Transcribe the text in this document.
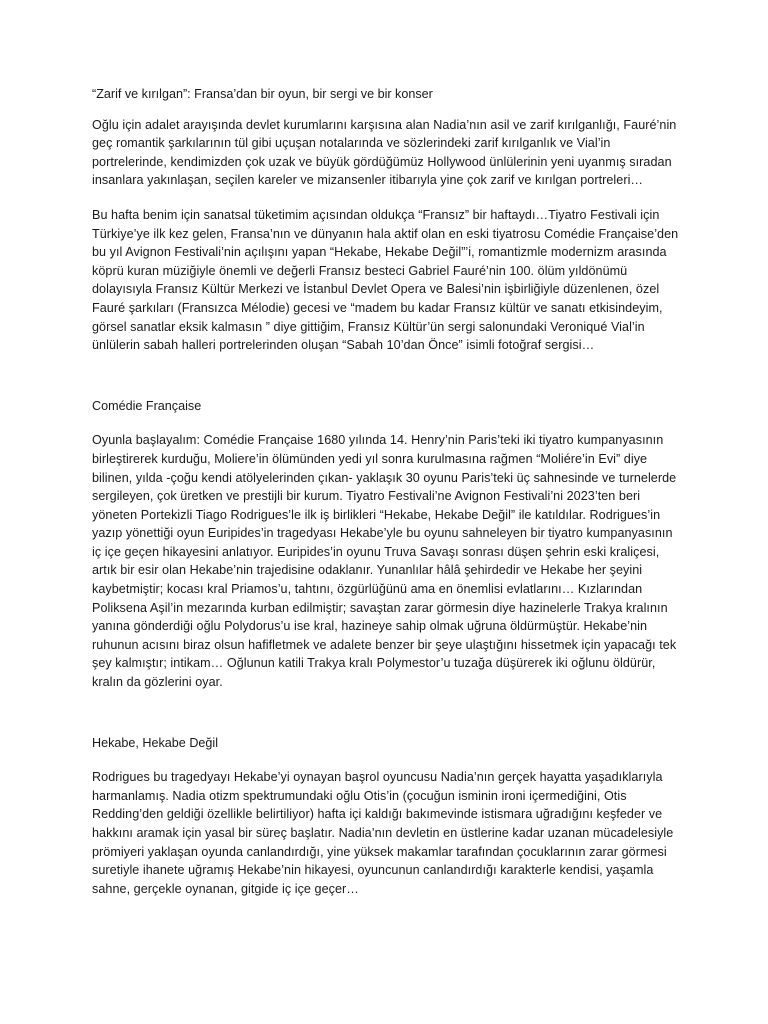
“Zarif ve kırılgan”: Fransa’dan bir oyun, bir sergi ve bir konser

Oğlu için adalet arayışında devlet kurumlarını karşısına alan Nadia’nın asil ve zarif kırılganlığı, Fauré’nin geç romantik şarkılarının tül gibi uçuşan notalarında ve sözlerindeki zarif kırılganlık ve Vial’in portrelerinde, kendimizden çok uzak ve büyük gördüğümüz Hollywood ünlülerinin yeni uyanmış sıradan insanlara yakınlaşan, seçilen kareler ve mizansenler itibarıyla yine çok zarif ve kırılgan portreleri…

Bu hafta benim için sanatsal tüketimim açısından oldukça “Fransız” bir haftaydı…Tiyatro Festivali için Türkiye’ye ilk kez gelen, Fransa’nın ve dünyanın hala aktif olan en eski tiyatrosu Comédie Française’den bu yıl Avignon Festivali’nin açılışını yapan “Hekabe, Hekabe Değil”’i, romantizmle modernizm arasında köprü kuran müziğiyle önemli ve değerli Fransız besteci Gabriel Fauré’nin 100. ölüm yıldönümü dolayısıyla Fransız Kültür Merkezi ve İstanbul Devlet Opera ve Balesi’nin işbirliğiyle düzenlenen, özel Fauré şarkıları (Fransızca Mélodie) gecesi ve “madem bu kadar Fransız kültür ve sanatı etkisindeyim, görsel sanatlar eksik kalmasın ” diye gittiğim, Fransız Kültür’ün sergi salonundaki Veroniqué Vial’in ünlülerin sabah halleri portrelerinden oluşan “Sabah 10’dan Önce” isimli fotoğraf sergisi…

Comédie Française

Oyunla başlayalım: Comédie Française 1680 yılında 14. Henry’nin Paris’teki iki tiyatro kumpanyasının birleştirerek kurduğu, Moliere’in ölümünden yedi yıl sonra kurulmasına rağmen “Moliére’in Evi” diye bilinen, yılda -çoğu kendi atölyelerinden çıkan- yaklaşık 30 oyunu Paris’teki üç sahnesinde ve turnelerde sergileyen, çok üretken ve prestijli bir kurum. Tiyatro Festivali’ne Avignon Festivali’ni 2023’ten beri yöneten Portekizli Tiago Rodrigues’le ilk iş birlikleri “Hekabe, Hekabe Değil” ile katıldılar. Rodrigues’in yazıp yönettiği oyun Euripides’in tragedyası Hekabe’yle bu oyunu sahneleyen bir tiyatro kumpanyasının iç içe geçen hikayesini anlatıyor. Euripides’in oyunu Truva Savaşı sonrası düşen şehrin eski kraliçesi, artık bir esir olan Hekabe’nin trajedisine odaklanır. Yunanlılar hâlâ şehirdedir ve Hekabe her şeyini kaybetmiştir; kocası kral Priamos’u, tahtını, özgürlüğünü ama en önemlisi evlatlarını… Kızlarından Poliksena Aşil’in mezarında kurban edilmiştir; savaştan zarar görmesin diye hazinelerle Trakya kralının yanına gönderdiği oğlu Polydorus’u ise kral, hazineye sahip olmak uğruna öldürmüştür. Hekabe’nin ruhunun acısını biraz olsun hafifletmek ve adalete benzer bir şeye ulaştığını hissetmek için yapacağı tek şey kalmıştır; intikam… Oğlunun katili Trakya kralı Polymestor’u tuzağa düşürerek iki oğlunu öldürür, kralın da gözlerini oyar.

Hekabe, Hekabe Değil

Rodrigues bu tragedyayı Hekabe’yi oynayan başrol oyuncusu Nadia’nın gerçek hayatta yaşadıklarıyla harmanlamış. Nadia otizm spektrumundaki oğlu Otis’in (çocuğun isminin ironi içermediğini, Otis Redding’den geldiği özellikle belirtiliyor) hafta içi kaldığı bakımevinde istismara uğradığını keşfeder ve hakkını aramak için yasal bir süreç başlatır. Nadia’nın devletin en üstlerine kadar uzanan mücadelesiyle prömiyeri yaklaşan oyunda canlandırdığı, yine yüksek makamlar tarafından çocuklarının zarar görmesi suretiyle ihanete uğramış Hekabe’nin hikayesi, oyuncunun canlandırdığı karakterle kendisi, yaşamla sahne, gerçekle oynanan, gitgide iç içe geçer…
